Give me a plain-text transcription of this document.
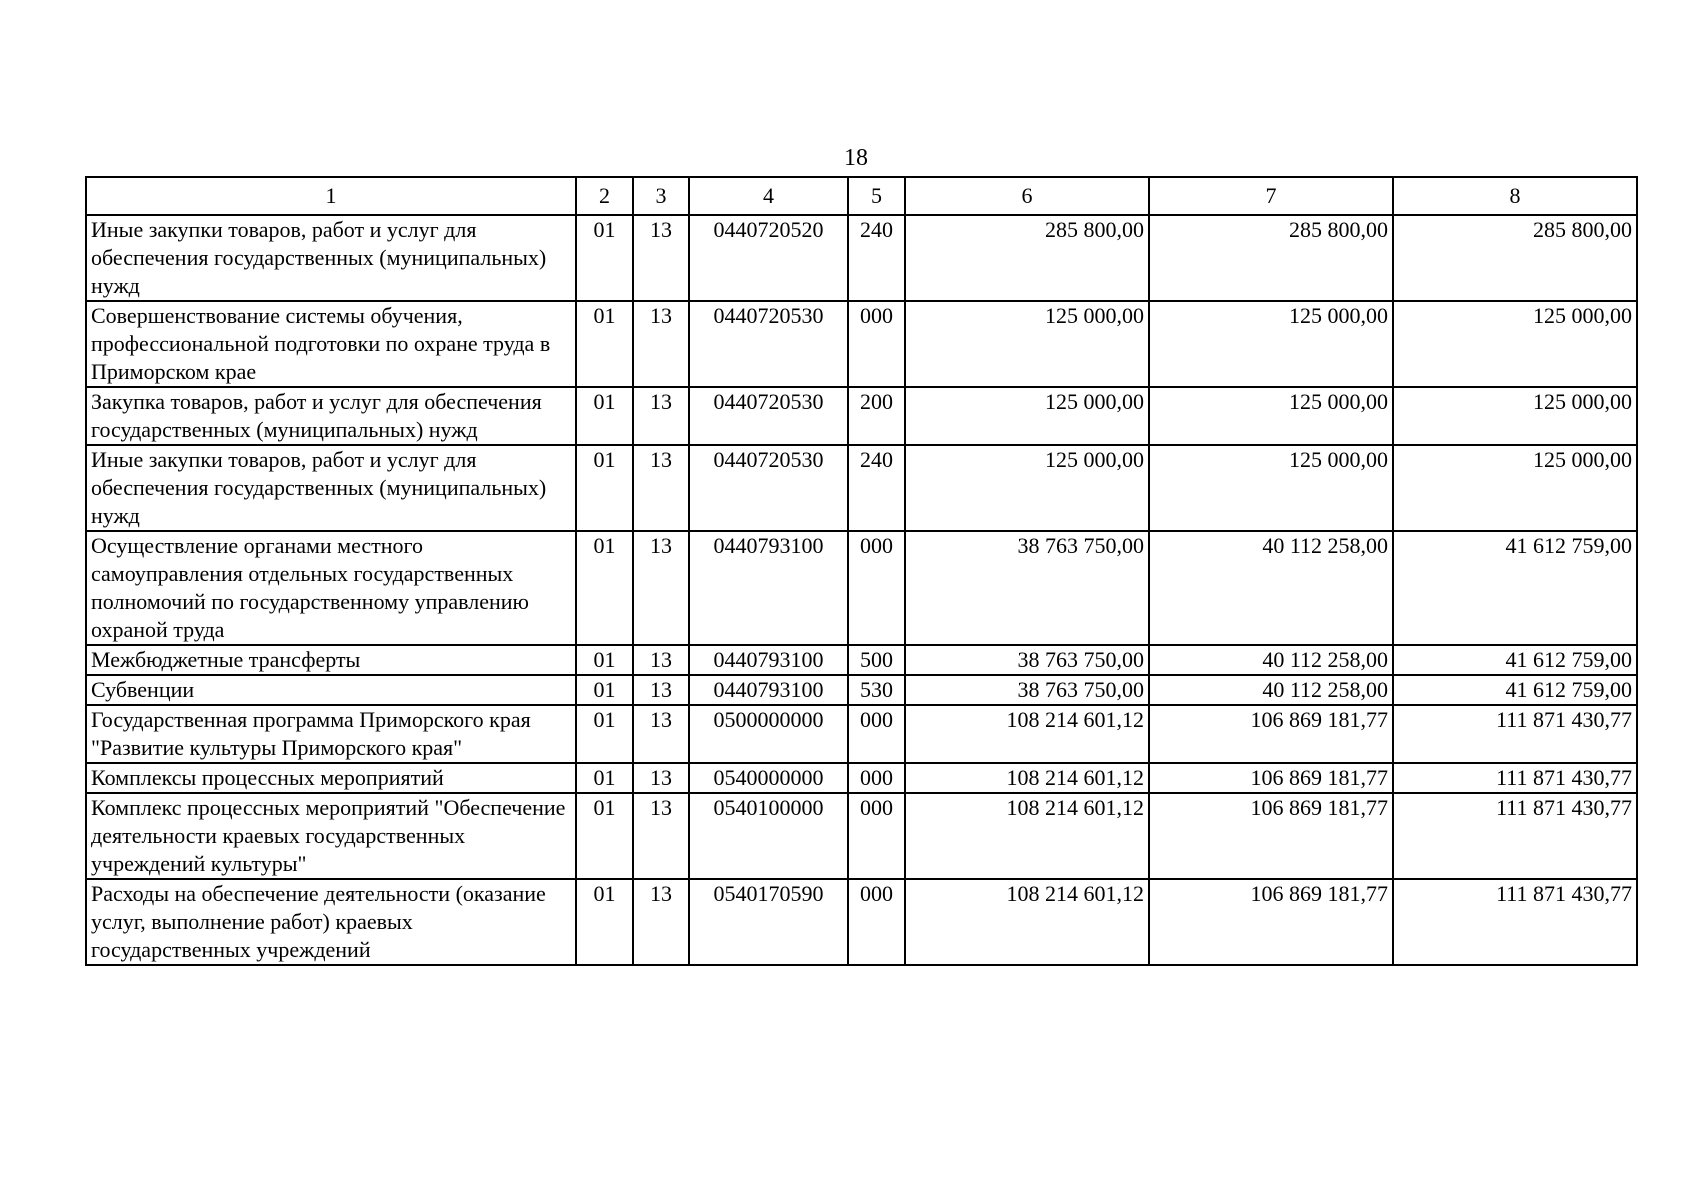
18
1	2	3	4	5	6	7	8
Иные закупки товаров, работ и услуг для обеспечения государственных (муниципальных) нужд	01	13	0440720520	240	285 800,00	285 800,00	285 800,00
Совершенствование системы обучения, профессиональной подготовки по охране труда в Приморском крае	01	13	0440720530	000	125 000,00	125 000,00	125 000,00
Закупка товаров, работ и услуг для обеспечения государственных (муниципальных) нужд	01	13	0440720530	200	125 000,00	125 000,00	125 000,00
Иные закупки товаров, работ и услуг для обеспечения государственных (муниципальных) нужд	01	13	0440720530	240	125 000,00	125 000,00	125 000,00
Осуществление органами местного самоуправления отдельных государственных полномочий по государственному управлению охраной труда	01	13	0440793100	000	38 763 750,00	40 112 258,00	41 612 759,00
Межбюджетные трансферты	01	13	0440793100	500	38 763 750,00	40 112 258,00	41 612 759,00
Субвенции	01	13	0440793100	530	38 763 750,00	40 112 258,00	41 612 759,00
Государственная программа Приморского края "Развитие культуры Приморского края"	01	13	0500000000	000	108 214 601,12	106 869 181,77	111 871 430,77
Комплексы процессных мероприятий	01	13	0540000000	000	108 214 601,12	106 869 181,77	111 871 430,77
Комплекс процессных мероприятий "Обеспечение деятельности краевых государственных учреждений культуры"	01	13	0540100000	000	108 214 601,12	106 869 181,77	111 871 430,77
Расходы на обеспечение деятельности (оказание услуг, выполнение работ) краевых государственных учреждений	01	13	0540170590	000	108 214 601,12	106 869 181,77	111 871 430,77
